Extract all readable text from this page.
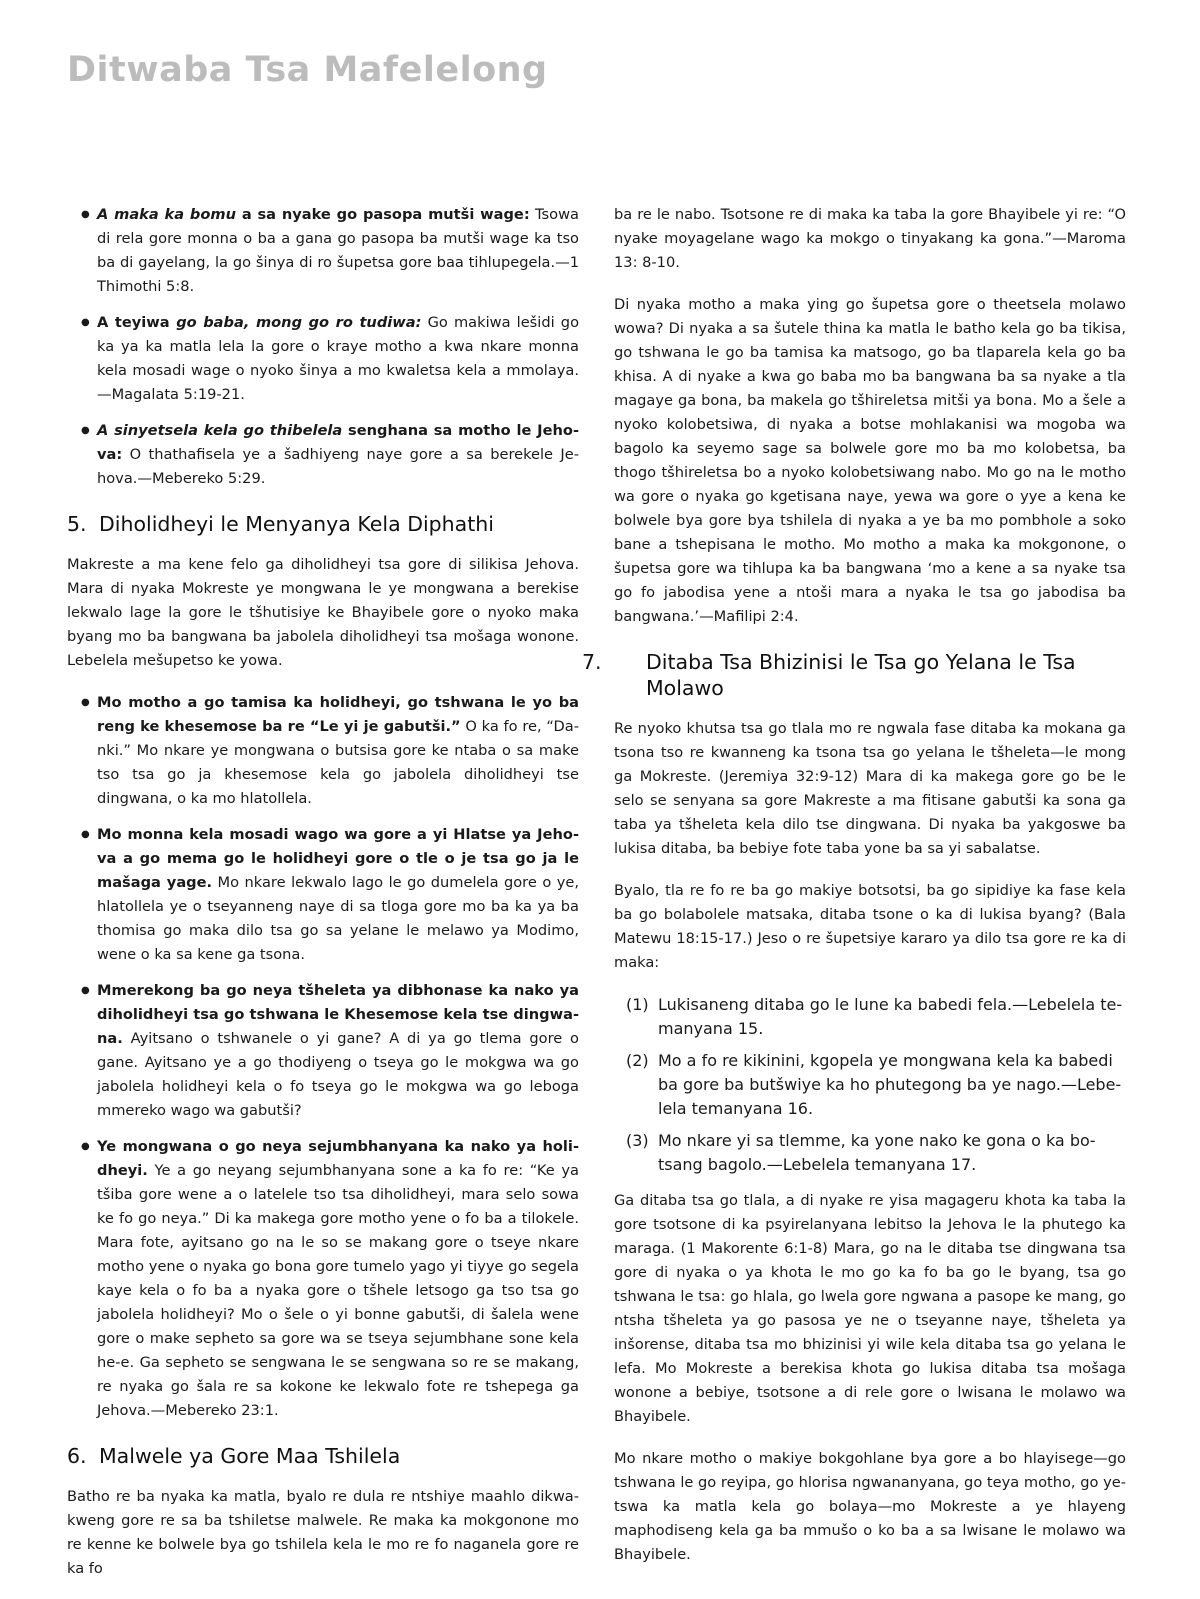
Ditwaba Tsa Mafelelong
● A maka ka bomu a sa nyake go pasopa mutši wage: Tsowa di rela gore monna o ba a gana go pasopa ba mutši wage ka tso ba di gayelang, la go šinya di ro šupetsa gore baa tihlupegela.—1 Thimothi 5:8.
● A teyiwa go baba, mong go ro tudiwa: Go makiwa lešidi go ka ya ka matla lela la gore o kraye motho a kwa nkare monna kela mosadi wage o nyoko šinya a mo kwaletsa kela a mmolaya.—Magalata 5:19-21.
● A sinyetsela kela go thibelela senghana sa motho le Jehova: O thathafisela ye a šadhiyeng naye gore a sa berekele Jehova.—Mebereko 5:29.
5. Diholidheyi le Menyanya Kela Diphathi

Makreste a ma kene felo ga diholidheyi tsa gore di silikisa Jehova. Mara di nyaka Mokreste ye mongwana le ye mongwana a berekise lekwalo lage la gore le tšhutisiye ke Bhayibele gore o nyoko maka byang mo ba bangwana ba jabolela diholidheyi tsa mošaga wonone. Lebelela mešupetso ke yowa.

● Mo motho a go tamisa ka holidheyi, go tshwana le yo ba reng ke khesemose ba re “Le yi je gabutši.” O ka fo re, “Danki.” Mo nkare ye mongwana o butsisa gore ke ntaba o sa make tso tsa go ja khesemose kela go jabolela diholidheyi tse dingwana, o ka mo hlatollela.
● Mo monna kela mosadi wago wa gore a yi Hlatse ya Jehova a go mema go le holidheyi gore o tle o je tsa go ja le mašaga yage. Mo nkare lekwalo lago le go dumelela gore o ye, hlatollela ye o tseyanneng naye di sa tloga gore mo ba ka ya ba thomisa go maka dilo tsa go sa yelane le melawo ya Modimo, wene o ka sa kene ga tsona.
● Mmerekong ba go neya tšheleta ya dibhonase ka nako ya diholidheyi tsa go tshwana le Khesemose kela tse dingwana. Ayitsano o tshwanele o yi gane? A di ya go tlema gore o gane. Ayitsano ye a go thodiyeng o tseya go le mokgwa wa go jabolela holidheyi kela o fo tseya go le mokgwa wa go leboga mmereko wago wa gabutši?
● Ye mongwana o go neya sejumbhanyana ka nako ya holidheyi. Ye a go neyang sejumbhanyana sone a ka fo re: “Ke ya tšiba gore wene a o latelele tso tsa diholidheyi, mara selo sowa ke fo go neya.” Di ka makega gore motho yene o fo ba a tilokele. Mara fote, ayitsano go na le so se makang gore o tseye nkare motho yene o nyaka go bona gore tumelo yago yi tiyye go segela kaye kela o fo ba a nyaka gore o tšhele letsogo ga tso tsa go jabolela holidheyi? Mo o šele o yi bonne gabutši, di šalela wene gore o make sepheto sa gore wa se tseya sejumbhane sone kela he-e. Ga sepheto se sengwana le se sengwana so re se makang, re nyaka go šala re sa kokone ke lekwalo fote re tshepega ga Jehova.—Mebereko 23:1.
6. Malwele ya Gore Maa Tshilela

Batho re ba nyaka ka matla, byalo re dula re ntshiye maahlo dikwakweng gore re sa ba tshiletse malwele. Re maka ka mokgonone mo re kenne ke bolwele bya go tshilela kela le mo re fo naganela gore re ka fo

ba re le nabo. Tsotsone re di maka ka taba la gore Bhayibele yi re: “O nyake moyagelane wago ka mokgo o tinyakang ka gona.”—Maroma 13: 8-10.

Di nyaka motho a maka ying go šupetsa gore o theetsela molawo wowa? Di nyaka a sa šutele thina ka matla le batho kela go ba tikisa, go tshwana le go ba tamisa ka matsogo, go ba tlaparela kela go ba khisa. A di nyake a kwa go baba mo ba bangwana ba sa nyake a tla magaye ga bona, ba makela go tšhireletsa mitši ya bona. Mo a šele a nyoko kolobetsiwa, di nyaka a botse mohlakanisi wa mogoba wa bagolo ka seyemo sage sa bolwele gore mo ba mo kolobetsa, ba thogo tšhireletsa bo a nyoko kolobetsiwang nabo. Mo go na le motho wa gore o nyaka go kgetisana naye, yewa wa gore o yye a kena ke bolwele bya gore bya tshilela di nyaka a ye ba mo pombhole a soko bane a tshepisana le motho. Mo motho a maka ka mokgonone, o šupetsa gore wa tihlupa ka ba bangwana ‘mo a kene a sa nyake tsa go fo jabodisa yene a ntoši mara a nyaka le tsa go jabodisa ba bangwana.’—Mafilipi 2:4.

7. Ditaba Tsa Bhizinisi le Tsa go Yelana le Tsa Molawo

Re nyoko khutsa tsa go tlala mo re ngwala fase ditaba ka mokana ga tsona tso re kwanneng ka tsona tsa go yelana le tšheleta—le mong ga Mokreste. (Jeremiya 32:9-12) Mara di ka makega gore go be le selo se senyana sa gore Makreste a ma fitisane gabutši ka sona ga taba ya tšheleta kela dilo tse dingwana. Di nyaka ba yakgoswe ba lukisa ditaba, ba bebiye fote taba yone ba sa yi sabalatse.

Byalo, tla re fo re ba go makiye botsotsi, ba go sipidiye ka fase kela ba go bolabolele matsaka, ditaba tsone o ka di lukisa byang? (Bala Matewu 18:15-17.) Jeso o re šupetsiye kararo ya dilo tsa gore re ka di maka:

(1) Lukisaneng ditaba go le lune ka babedi fela.—Lebelela temanyana 15.
(2) Mo a fo re kikinini, kgopela ye mongwana kela ka babedi ba gore ba butšwiye ka ho phutegong ba ye nago.—Lebelela temanyana 16.
(3) Mo nkare yi sa tlemme, ka yone nako ke gona o ka botsang bagolo.—Lebelela temanyana 17.

Ga ditaba tsa go tlala, a di nyake re yisa magageru khota ka taba la gore tsotsone di ka psyirelanyana lebitso la Jehova le la phutego ka maraga. (1 Makorente 6:1-8) Mara, go na le ditaba tse dingwana tsa gore di nyaka o ya khota le mo go ka fo ba go le byang, tsa go tshwana le tsa: go hlala, go lwela gore ngwana a pasope ke mang, go ntsha tšheleta ya go pasosa ye ne o tseyanne naye, tšheleta ya inšorense, ditaba tsa mo bhizinisi yi wile kela ditaba tsa go yelana le lefa. Mo Mokreste a berekisa khota go lukisa ditaba tsa mošaga wonone a bebiye, tsotsone a di rele gore o lwisana le molawo wa Bhayibele.

Mo nkare motho o makiye bokgohlane bya gore a bo hlayisege—go tshwana le go reyipa, go hlorisa ngwananyana, go teya motho, go yetswa ka matla kela go bolaya—mo Mokreste a ye hlayeng maphodiseng kela ga ba mmušo o ko ba a sa lwisane le molawo wa Bhayibele.
